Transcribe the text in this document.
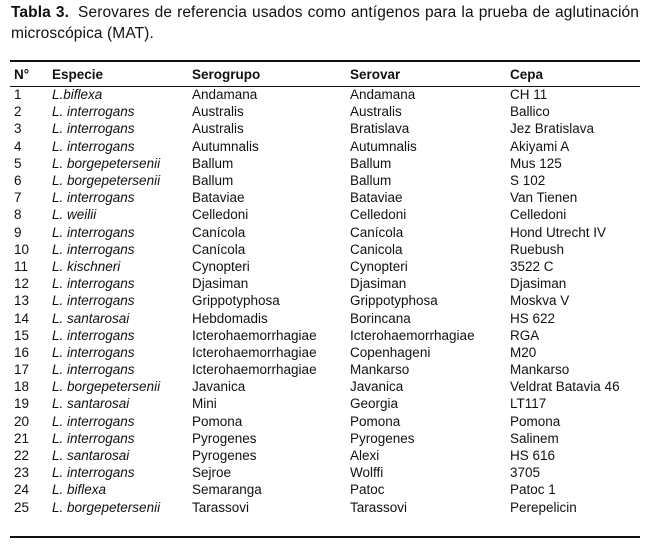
Tabla 3. Serovares de referencia usados como antígenos para la prueba de aglutinación microscópica (MAT).
N°	Especie	Serogrupo	Serovar	Cepa
1	L.biflexa	Andamana	Andamana	CH 11
2	L. interrogans	Australis	Australis	Ballico
3	L. interrogans	Australis	Bratislava	Jez Bratislava
4	L. interrogans	Autumnalis	Autumnalis	Akiyami A
5	L. borgepetersenii	Ballum	Ballum	Mus 125
6	L. borgepetersenii	Ballum	Ballum	S 102
7	L. interrogans	Bataviae	Bataviae	Van Tienen
8	L. weilii	Celledoni	Celledoni	Celledoni
9	L. interrogans	Canícola	Canícola	Hond Utrecht IV
10	L. interrogans	Canícola	Canicola	Ruebush
11	L. kischneri	Cynopteri	Cynopteri	3522 C
12	L. interrogans	Djasiman	Djasiman	Djasiman
13	L. interrogans	Grippotyphosa	Grippotyphosa	Moskva V
14	L. santarosai	Hebdomadis	Borincana	HS 622
15	L. interrogans	Icterohaemorrhagiae	Icterohaemorrhagiae	RGA
16	L. interrogans	Icterohaemorrhagiae	Copenhageni	M20
17	L. interrogans	Icterohaemorrhagiae	Mankarso	Mankarso
18	L. borgepetersenii	Javanica	Javanica	Veldrat Batavia 46
19	L. santarosai	Mini	Georgia	LT117
20	L. interrogans	Pomona	Pomona	Pomona
21	L. interrogans	Pyrogenes	Pyrogenes	Salinem
22	L. santarosai	Pyrogenes	Alexi	HS 616
23	L. interrogans	Sejroe	Wolffi	3705
24	L. biflexa	Semaranga	Patoc	Patoc 1
25	L. borgepetersenii	Tarassovi	Tarassovi	Perepelicin
